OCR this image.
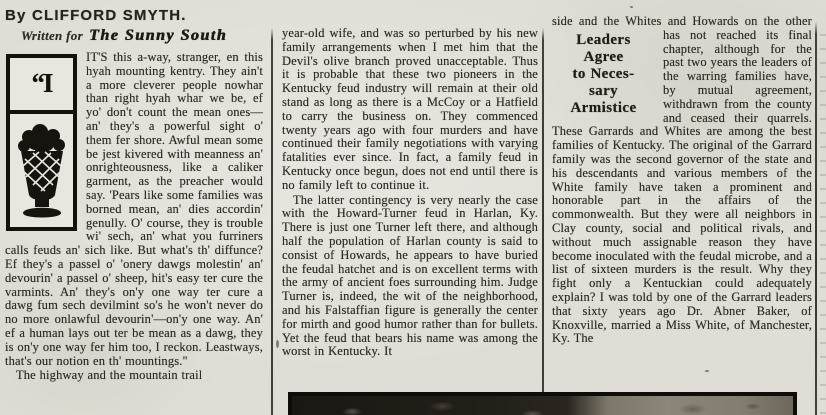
By CLIFFORD SMYTH.
Written for The Sunny South

“I
IT'S this a-way, stranger, en this hyah mounting kentry. They ain't a more cleverer people nowhar than right hyah whar we be, ef yo' don't count the mean ones—an' they's a powerful sight o' them fer shore. Awful mean some be jest kivered with meanness an' onrighteousness, like a caliker garment, as the preacher would say. 'Pears like some families was borned mean, an' dies accordin' genully. O' course, they is trouble wi' sech, an' what you furriners calls feuds an' sich like. But what's th' diffunce? Ef they's a passel o' 'onery dawgs molestin' an' devourin' a passel o' sheep, hit's easy ter cure the varmints. An' they's on'y one way ter cure a dawg fum sech devilmint so's he won't never do no more onlawful devourin'—on'y one way. An' ef a human lays out ter be mean as a dawg, they is on'y one way fer him too, I reckon. Leastways, that's our notion en th' mountings."

The highway and the mountain trail

year-old wife, and was so perturbed by his new family arrangements when I met him that the Devil's olive branch proved unacceptable. Thus it is probable that these two pioneers in the Kentucky feud industry will remain at their old stand as long as there is a McCoy or a Hatfield to carry the business on. They commenced twenty years ago with four murders and have continued their family negotiations with varying fatalities ever since. In fact, a family feud in Kentucky once begun, does not end until there is no family left to continue it.

The latter contingency is very nearly the case with the Howard-Turner feud in Harlan, Ky. There is just one Turner left there, and although half the population of Harlan county is said to consist of Howards, he appears to have buried the feudal hatchet and is on excellent terms with the army of ancient foes surrounding him. Judge Turner is, indeed, the wit of the neighborhood, and his Falstaffian figure is generally the center for mirth and good humor rather than for bullets. Yet the feud that bears his name was among the worst in Kentucky. It

side and the Whites and Howards on the
Leaders
Agree
to Neces-
sary
Armistice
other has not reached its final chapter, although for the past two years the leaders of the warring families have, by mutual agreement, withdrawn from the county and ceased their quarrels. These Garrards and Whites are among the best families of Kentucky. The original of the Garrard family was the second governor of the state and his descendants and various members of the White family have taken a prominent and honorable part in the affairs of the commonwealth. But they were all neighbors in Clay county, social and political rivals, and without much assignable reason they have become inoculated with the feudal microbe, and a list of sixteen murders is the result. Why they fight only a Kentuckian could adequately explain? I was told by one of the Garrard leaders that sixty years ago Dr. Abner Baker, of Knoxville, married a Miss White, of Manchester, Ky. The
